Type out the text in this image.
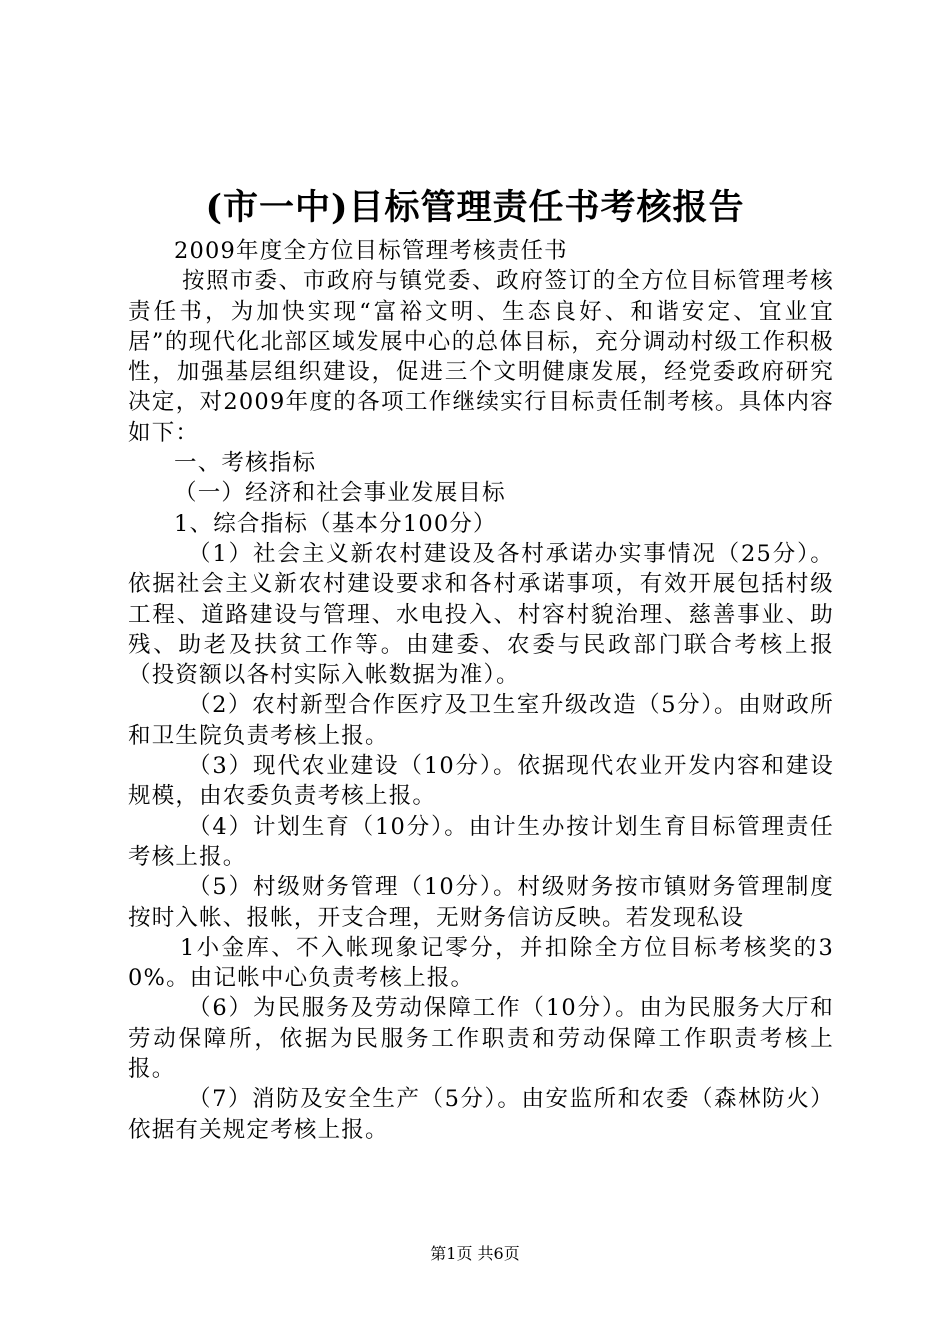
(市一中)目标管理责任书考核报告

2009年度全方位目标管理考核责任书

按照市委、市政府与镇党委、政府签订的全方位目标管理考核责任书，为加快实现“富裕文明、生态良好、和谐安定、宜业宜居”的现代化北部区域发展中心的总体目标，充分调动村级工作积极性，加强基层组织建设，促进三个文明健康发展，经党委政府研究决定，对2009年度的各项工作继续实行目标责任制考核。具体内容如下：

一、考核指标

（一）经济和社会事业发展目标

1、综合指标（基本分100分）

（1）社会主义新农村建设及各村承诺办实事情况（25分）。依据社会主义新农村建设要求和各村承诺事项，有效开展包括村级工程、道路建设与管理、水电投入、村容村貌治理、慈善事业、助残、助老及扶贫工作等。由建委、农委与民政部门联合考核上报（投资额以各村实际入帐数据为准）。

（2）农村新型合作医疗及卫生室升级改造（5分）。由财政所和卫生院负责考核上报。

（3）现代农业建设（10分）。依据现代农业开发内容和建设规模，由农委负责考核上报。

（4）计划生育（10分）。由计生办按计划生育目标管理责任考核上报。

（5）村级财务管理（10分）。村级财务按市镇财务管理制度按时入帐、报帐，开支合理，无财务信访反映。若发现私设

1小金库、不入帐现象记零分，并扣除全方位目标考核奖的30%。由记帐中心负责考核上报。

（6）为民服务及劳动保障工作（10分）。由为民服务大厅和劳动保障所，依据为民服务工作职责和劳动保障工作职责考核上报。

（7）消防及安全生产（5分）。由安监所和农委（森林防火）依据有关规定考核上报。

第1页 共6页
